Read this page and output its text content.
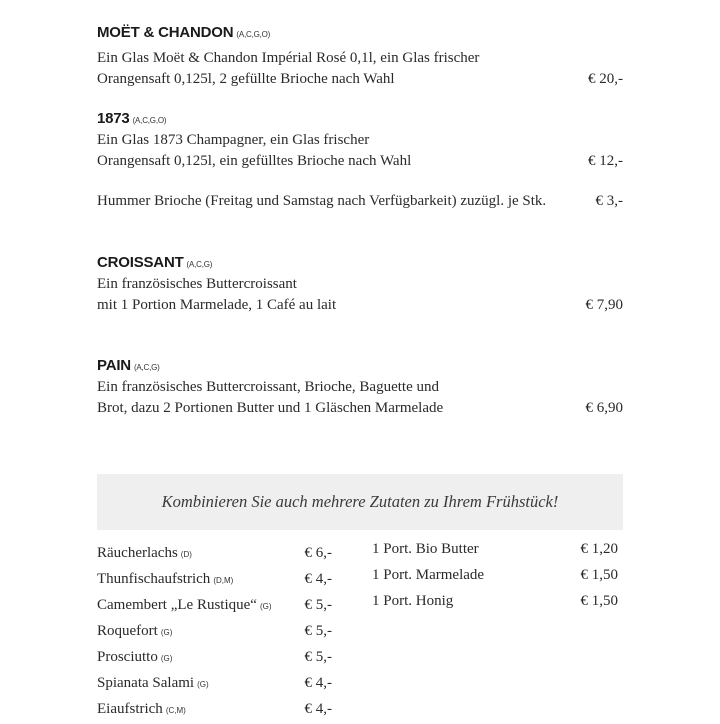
MOËT & CHANDON (A,C,G,O)
Ein Glas Moët & Chandon Impérial Rosé 0,1l, ein Glas frischer
Orangensaft 0,125l, 2 gefüllte Brioche nach Wahl	€ 20,-
1873 (A,C,G,O)
Ein Glas 1873 Champagner, ein Glas frischer
Orangensaft 0,125l, ein gefülltes Brioche nach Wahl	€ 12,-
Hummer Brioche (Freitag und Samstag nach Verfügbarkeit) zuzügl. je Stk.	€ 3,-
CROISSANT (A,C,G)
Ein französisches Buttercroissant
mit 1 Portion Marmelade, 1 Café au lait	€ 7,90
PAIN (A,C,G)
Ein französisches Buttercroissant, Brioche, Baguette und
Brot, dazu 2 Portionen Butter und 1 Gläschen Marmelade	€ 6,90
Kombinieren Sie auch mehrere Zutaten zu Ihrem Frühstück!
Räucherlachs (D)	€ 6,-
Thunfischaufstrich (D,M)	€ 4,-
Camembert „Le Rustique“ (G) € 5,-
Roquefort (G)	€ 5,-
Prosciutto (G)	€ 5,-
Spianata Salami (G)	€ 4,-
Eiaufstrich (C,M)	€ 4,-
1 Port. Bio Butter	€ 1,20
1 Port. Marmelade	€ 1,50
1 Port. Honig	€ 1,50
